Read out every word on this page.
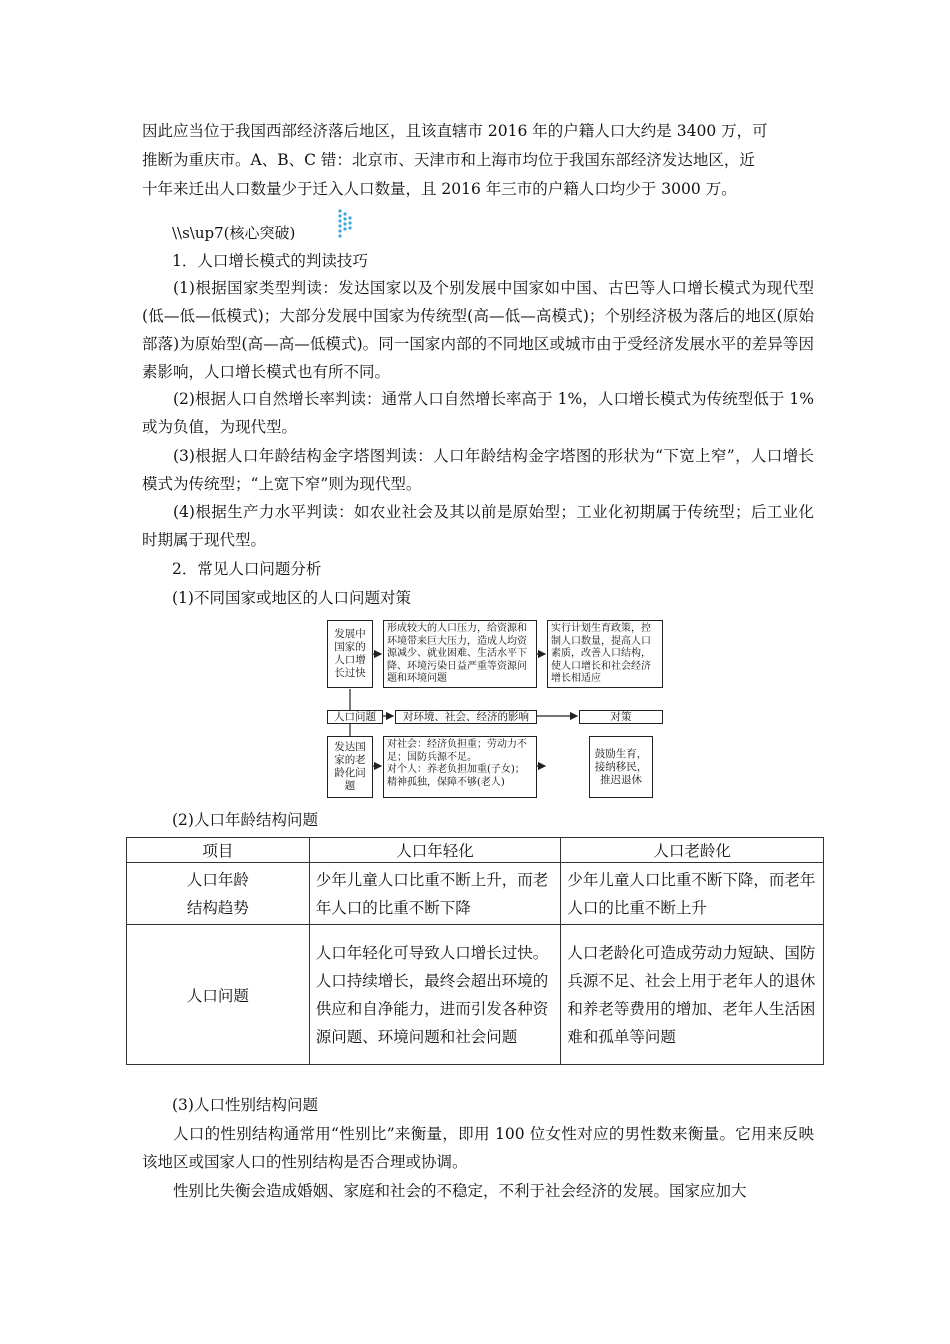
因此应当位于我国西部经济落后地区，且该直辖市 2016 年的户籍人口大约是 3400 万，可

推断为重庆市。A、B、C 错：北京市、天津市和上海市均位于我国东部经济发达地区，近

十年来迁出人口数量少于迁入人口数量，且 2016 年三市的户籍人口均少于 3000 万。

\\s\up7(核心突破)

1．人口增长模式的判读技巧

(1)根据国家类型判读：发达国家以及个别发展中国家如中国、古巴等人口增长模式为现代型(低—低—低模式)；大部分发展中国家为传统型(高—低—高模式)；个别经济极为落后的地区(原始部落)为原始型(高—高—低模式)。同一国家内部的不同地区或城市由于受经济发展水平的差异等因素影响，人口增长模式也有所不同。

(2)根据人口自然增长率判读：通常人口自然增长率高于 1%，人口增长模式为传统型低于 1%或为负值，为现代型。

(3)根据人口年龄结构金字塔图判读：人口年龄结构金字塔图的形状为“下宽上窄”，人口增长模式为传统型；“上宽下窄”则为现代型。

(4)根据生产力水平判读：如农业社会及其以前是原始型；工业化初期属于传统型；后工业化时期属于现代型。

2．常见人口问题分析

(1)不同国家或地区的人口问题对策

发展中国家的人口增长过快
形成较大的人口压力，给资源和环境带来巨大压力，造成人均资源减少、就业困难、生活水平下降、环境污染日益严重等资源问题和环境问题
实行计划生育政策，控制人口数量，提高人口素质，改善人口结构，使人口增长和社会经济增长相适应
人口问题	对环境、社会、经济的影响	对策
发达国家的老龄化问题
对社会：经济负担重；劳动力不足；国防兵源不足。
对个人：养老负担加重(子女)；精神孤独，保障不够(老人)
鼓励生育，接纳移民，推迟退休

(2)人口年龄结构问题

项目	人口年轻化	人口老龄化
人口年龄
结构趋势	少年儿童人口比重不断上升，而老年人口的比重不断下降	少年儿童人口比重不断下降，而老年人口的比重不断上升
人口问题	人口年轻化可导致人口增长过快。人口持续增长，最终会超出环境的供应和自净能力，进而引发各种资源问题、环境问题和社会问题	人口老龄化可造成劳动力短缺、国防兵源不足、社会上用于老年人的退休和养老等费用的增加、老年人生活困难和孤单等问题

(3)人口性别结构问题

人口的性别结构通常用“性别比”来衡量，即用 100 位女性对应的男性数来衡量。它用来反映该地区或国家人口的性别结构是否合理或协调。

性别比失衡会造成婚姻、家庭和社会的不稳定，不利于社会经济的发展。国家应加大
